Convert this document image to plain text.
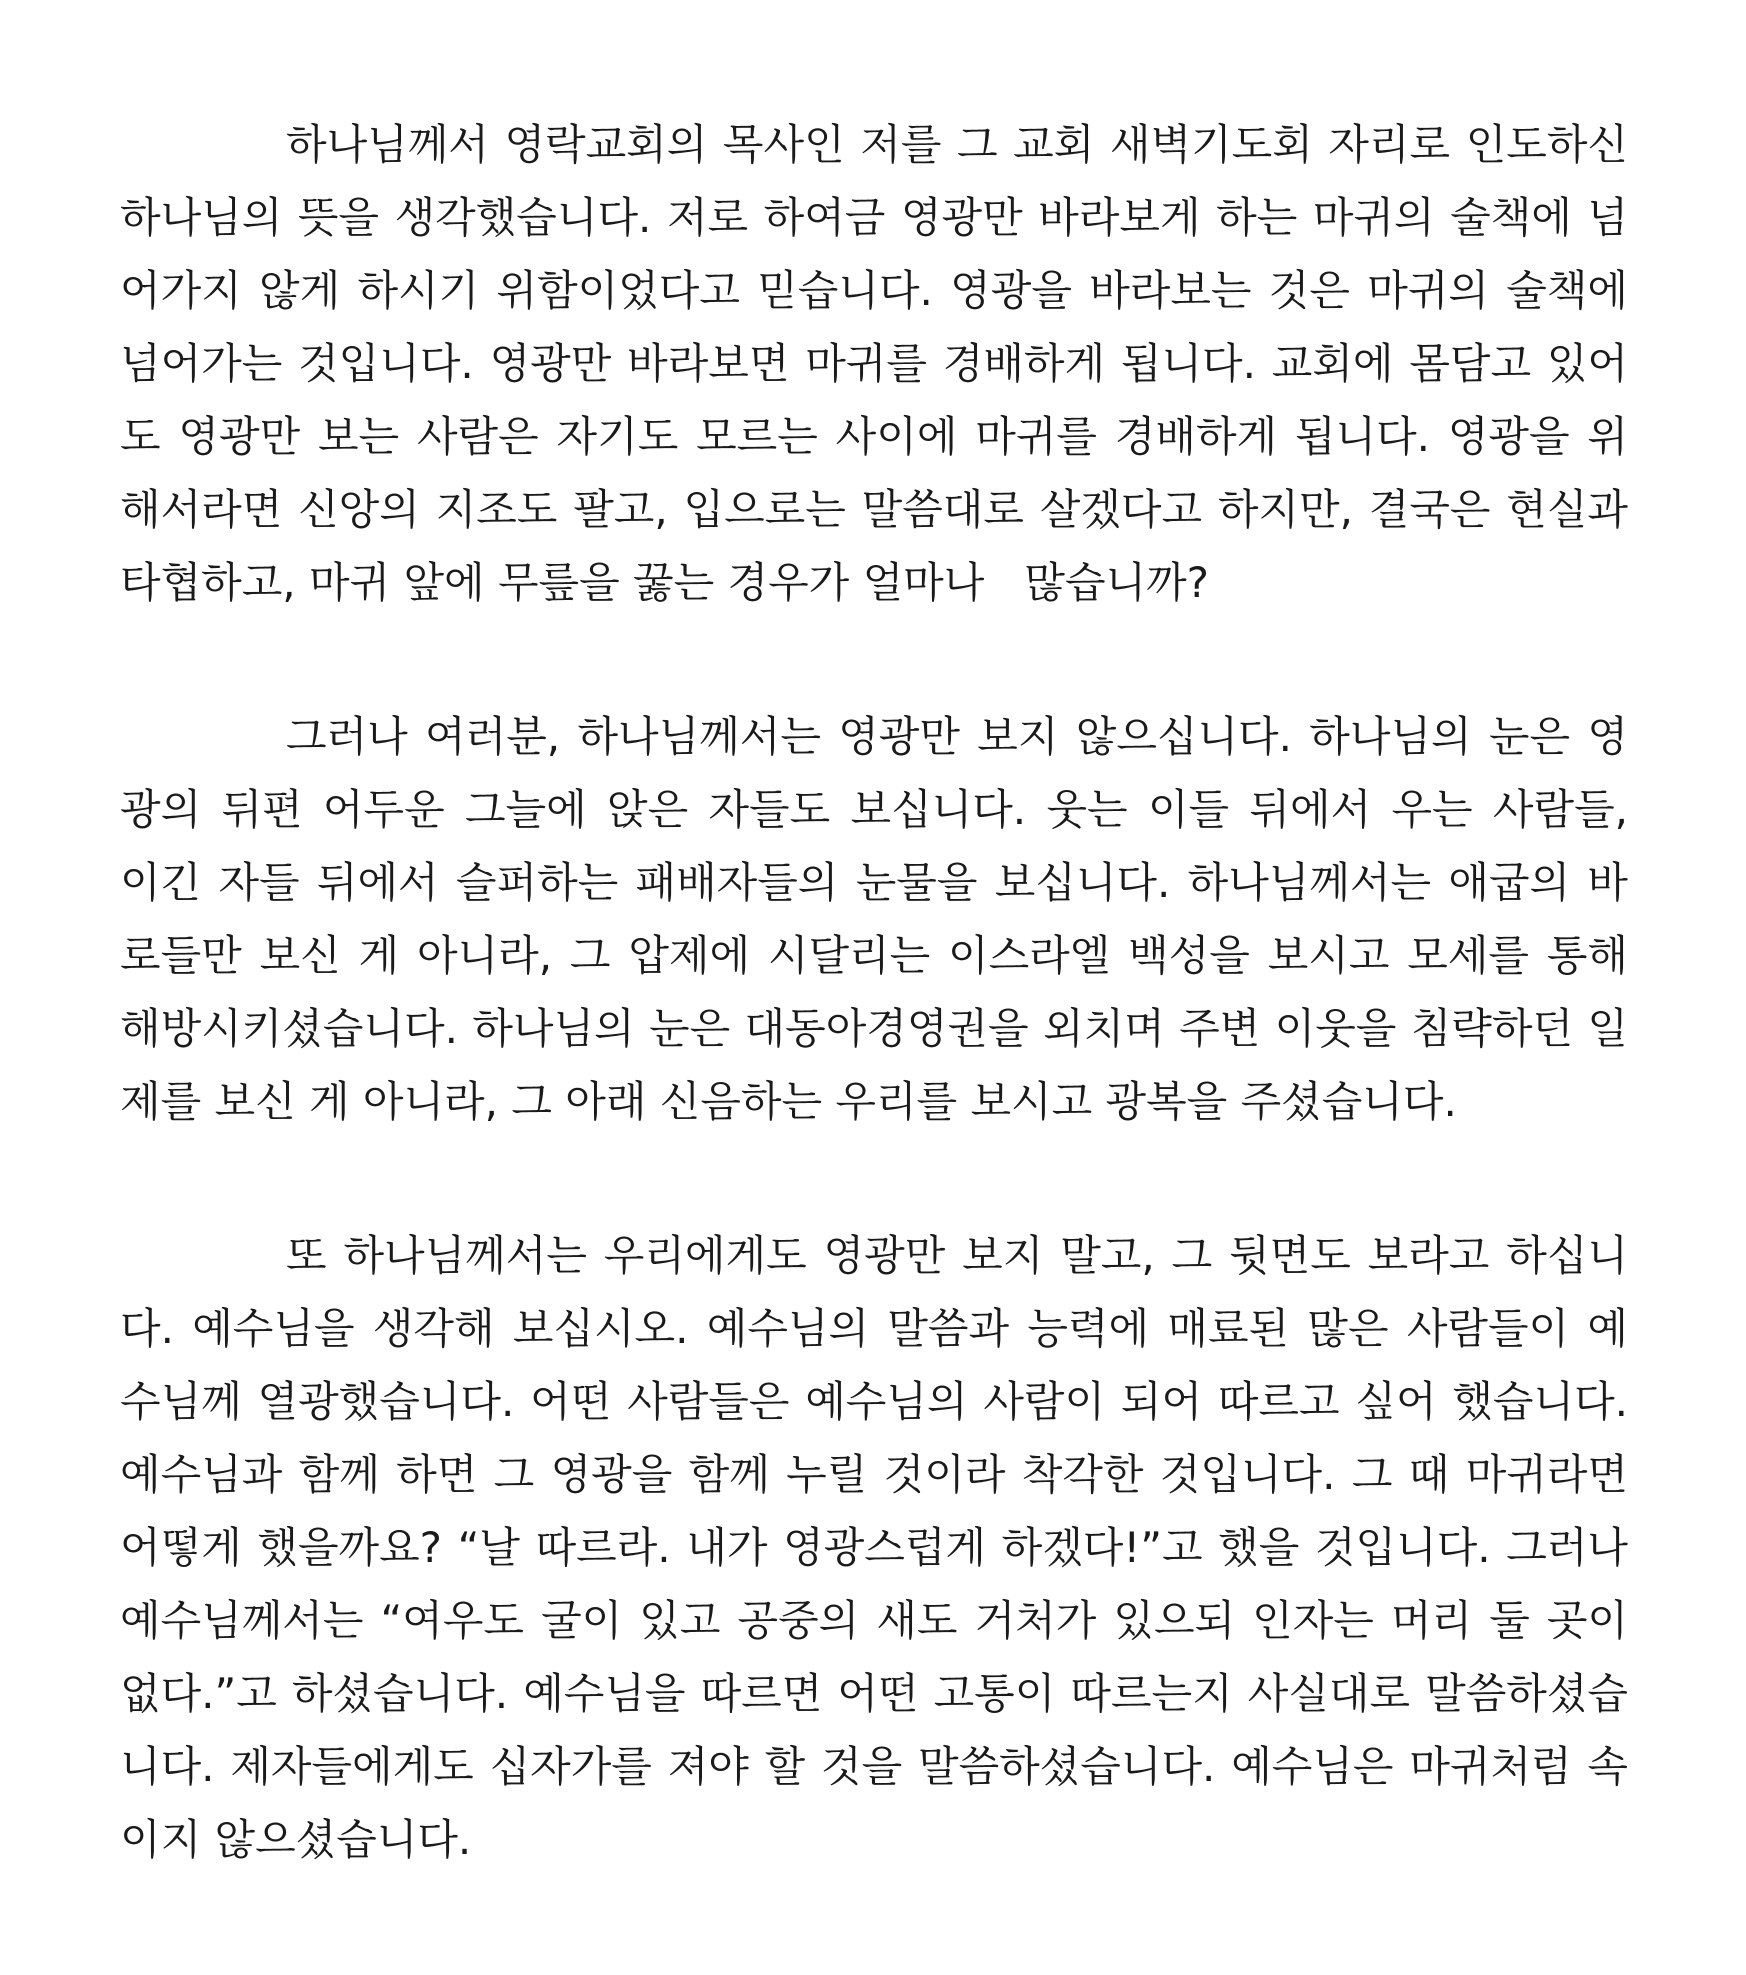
하나님께서 영락교회의 목사인 저를 그 교회 새벽기도회 자리로 인도하신
하나님의 뜻을 생각했습니다. 저로 하여금 영광만 바라보게 하는 마귀의 술책에 넘
어가지 않게 하시기 위함이었다고 믿습니다. 영광을 바라보는 것은 마귀의 술책에
넘어가는 것입니다. 영광만 바라보면 마귀를 경배하게 됩니다. 교회에 몸담고 있어
도 영광만 보는 사람은 자기도 모르는 사이에 마귀를 경배하게 됩니다. 영광을 위
해서라면 신앙의 지조도 팔고, 입으로는 말씀대로 살겠다고 하지만, 결국은 현실과
타협하고, 마귀 앞에 무릎을 꿇는 경우가 얼마나   많습니까?
그러나 여러분, 하나님께서는 영광만 보지 않으십니다. 하나님의 눈은 영
광의 뒤편 어두운 그늘에 앉은 자들도 보십니다. 웃는 이들 뒤에서 우는 사람들,
이긴 자들 뒤에서 슬퍼하는 패배자들의 눈물을 보십니다. 하나님께서는 애굽의 바
로들만 보신 게 아니라, 그 압제에 시달리는 이스라엘 백성을 보시고 모세를 통해
해방시키셨습니다. 하나님의 눈은 대동아경영권을 외치며 주변 이웃을 침략하던 일
제를 보신 게 아니라, 그 아래 신음하는 우리를 보시고 광복을 주셨습니다.
또 하나님께서는 우리에게도 영광만 보지 말고, 그 뒷면도 보라고 하십니
다. 예수님을 생각해 보십시오. 예수님의 말씀과 능력에 매료된 많은 사람들이 예
수님께 열광했습니다. 어떤 사람들은 예수님의 사람이 되어 따르고 싶어 했습니다.
예수님과 함께 하면 그 영광을 함께 누릴 것이라 착각한 것입니다. 그 때 마귀라면
어떻게 했을까요? “날 따르라. 내가 영광스럽게 하겠다!”고 했을 것입니다. 그러나
예수님께서는 “여우도 굴이 있고 공중의 새도 거처가 있으되 인자는 머리 둘 곳이
없다.”고 하셨습니다. 예수님을 따르면 어떤 고통이 따르는지 사실대로 말씀하셨습
니다. 제자들에게도 십자가를 져야 할 것을 말씀하셨습니다. 예수님은 마귀처럼 속
이지 않으셨습니다.
